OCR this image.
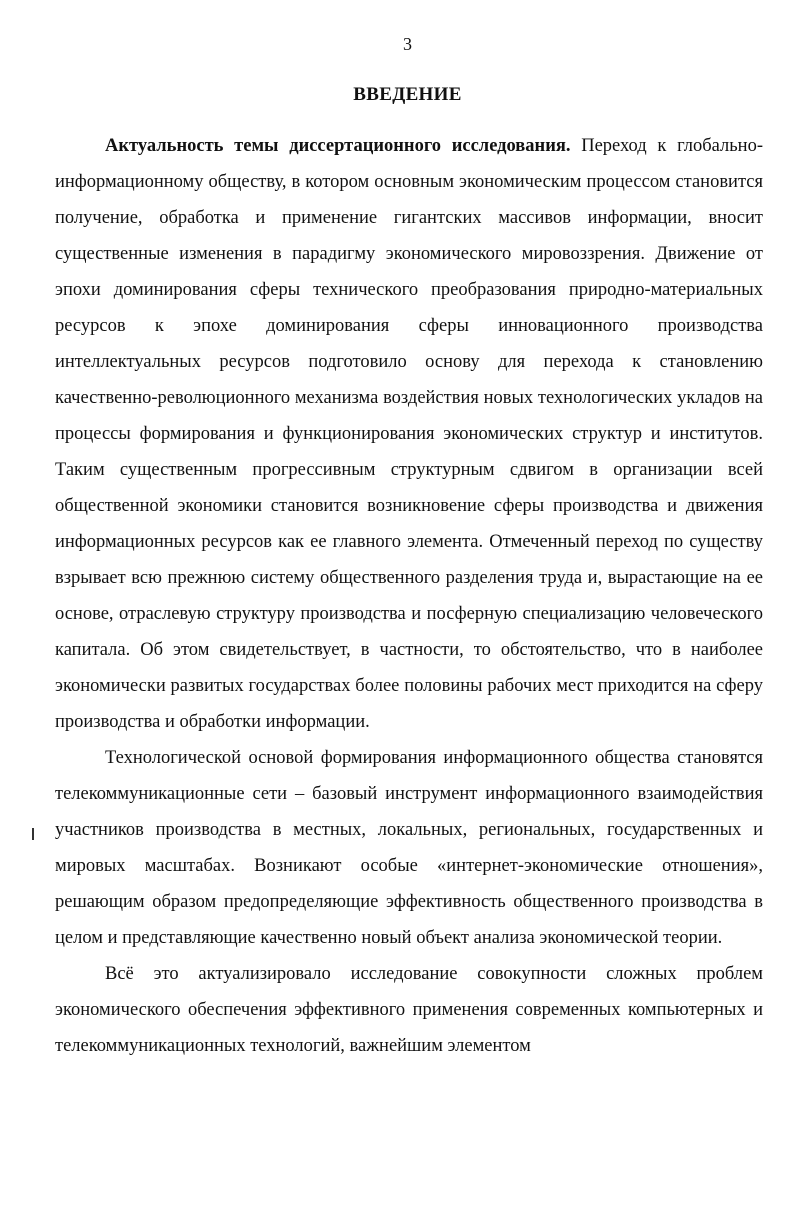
3
ВВЕДЕНИЕ

Актуальность темы диссертационного исследования. Переход к глобально-информационному обществу, в котором основным экономическим процессом становится получение, обработка и применение гигантских массивов информации, вносит существенные изменения в парадигму экономического мировоззрения. Движение от эпохи доминирования сферы технического преобразования природно-материальных ресурсов к эпохе доминирования сферы инновационного производства интеллектуальных ресурсов подготовило основу для перехода к становлению качественно-революционного механизма воздействия новых технологических укладов на процессы формирования и функционирования экономических структур и институтов. Таким существенным прогрессивным структурным сдвигом в организации всей общественной экономики становится возникновение сферы производства и движения информационных ресурсов как ее главного элемента. Отмеченный переход по существу взрывает всю прежнюю систему общественного разделения труда и, вырастающие на ее основе, отраслевую структуру производства и посферную специализацию человеческого капитала. Об этом свидетельствует, в частности, то обстоятельство, что в наиболее экономически развитых государствах более половины рабочих мест приходится на сферу производства и обработки информации.

Технологической основой формирования информационного общества становятся телекоммуникационные сети – базовый инструмент информационного взаимодействия участников производства в местных, локальных, региональных, государственных и мировых масштабах. Возникают особые «интернет-экономические отношения», решающим образом предопределяющие эффективность общественного производства в целом и представляющие качественно новый объект анализа экономической теории.

Всё это актуализировало исследование совокупности сложных проблем экономического обеспечения эффективного применения современных компьютерных и телекоммуникационных технологий, важнейшим элементом
